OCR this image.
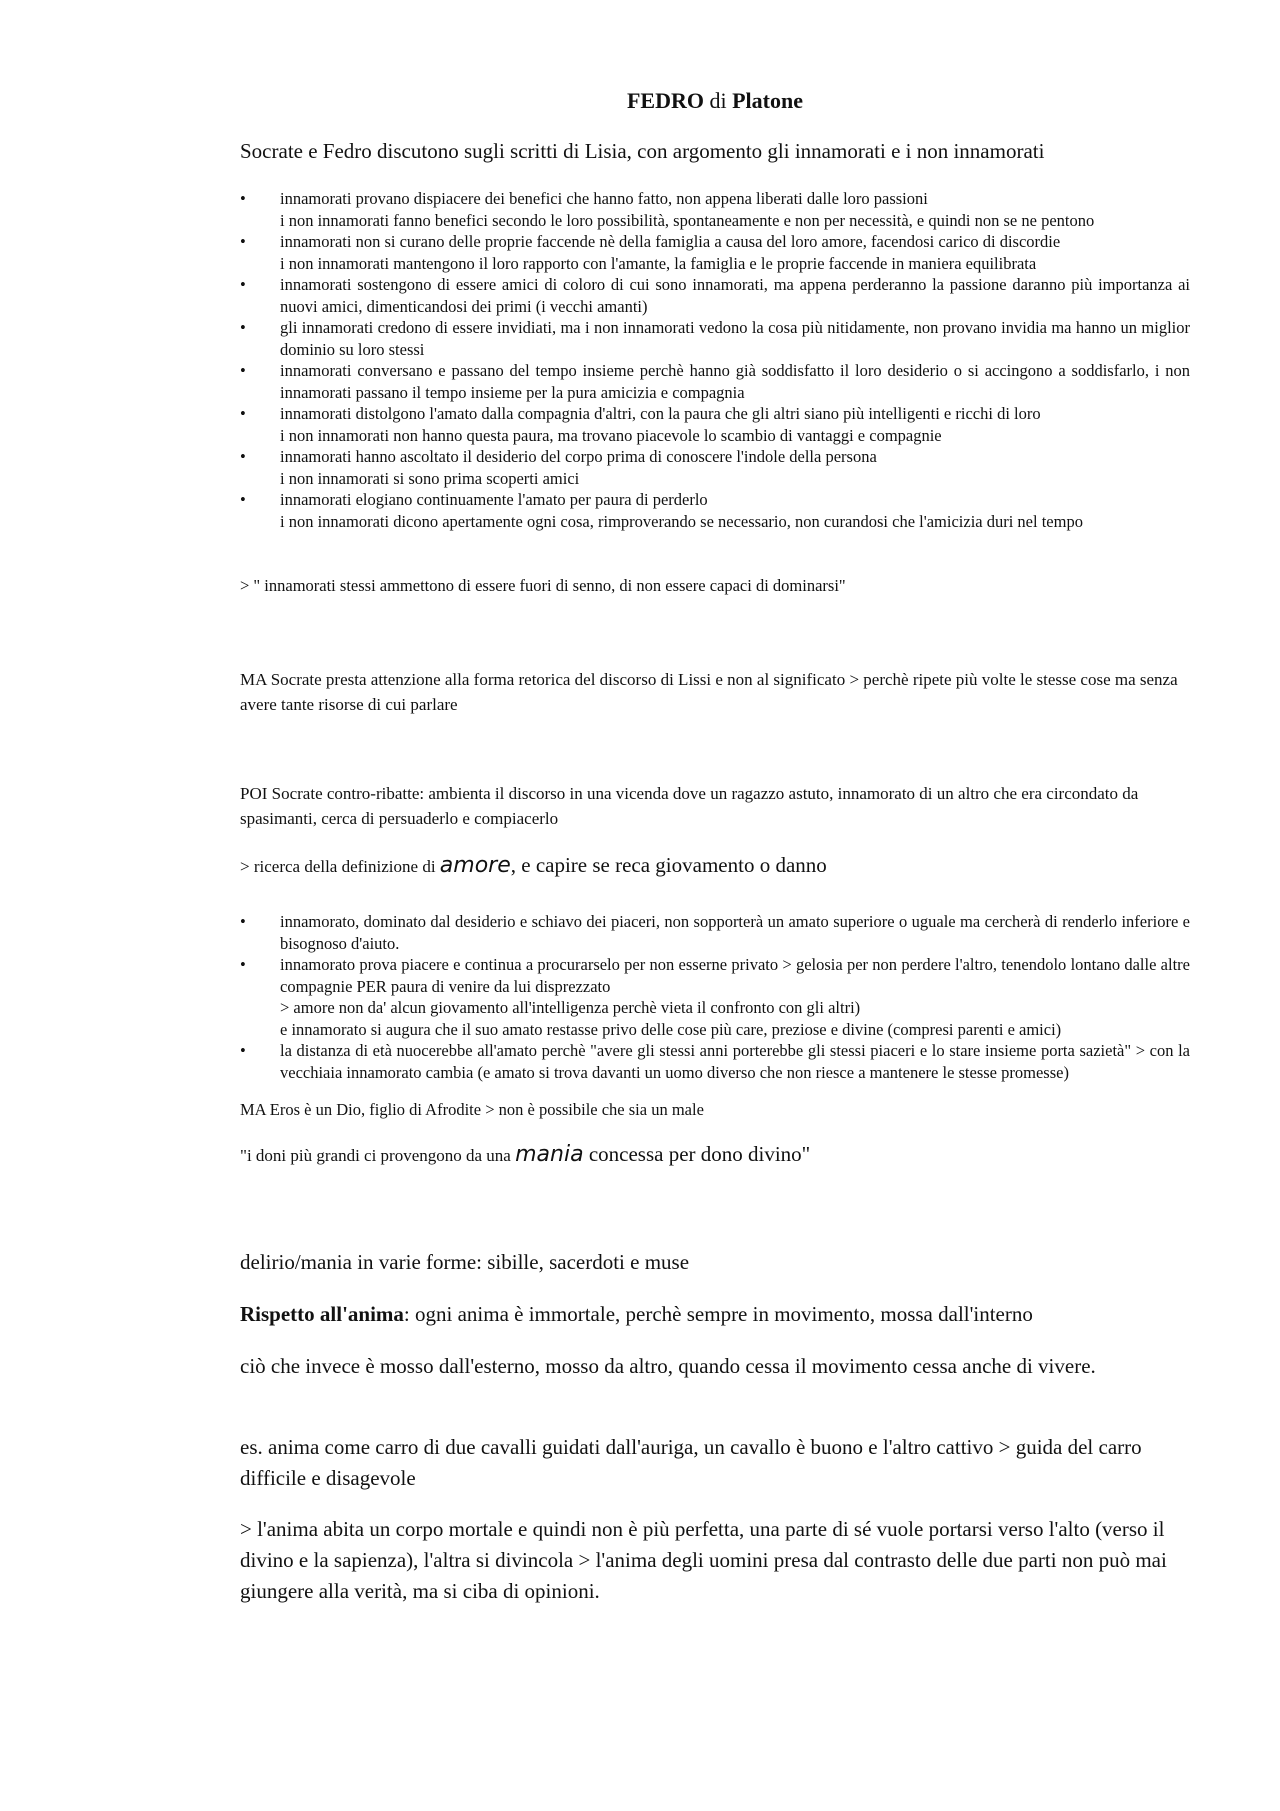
FEDRO di Platone
Socrate e Fedro discutono sugli scritti di Lisia, con argomento gli innamorati e i non innamorati
• innamorati provano dispiacere dei benefici che hanno fatto, non appena liberati dalle loro passioni
i non innamorati fanno benefici secondo le loro possibilità, spontaneamente e non per necessità, e quindi non se ne pentono
• innamorati non si curano delle proprie faccende nè della famiglia a causa del loro amore, facendosi carico di discordie
i non innamorati mantengono il loro rapporto con l'amante, la famiglia e le proprie faccende in maniera equilibrata
• innamorati sostengono di essere amici di coloro di cui sono innamorati, ma appena perderanno la passione daranno più importanza ai nuovi amici, dimenticandosi dei primi (i vecchi amanti)
• gli innamorati credono di essere invidiati, ma i non innamorati vedono la cosa più nitidamente, non provano invidia ma hanno un miglior dominio su loro stessi
• innamorati conversano e passano del tempo insieme perchè hanno già soddisfatto il loro desiderio o si accingono a soddisfarlo, i non innamorati passano il tempo insieme per la pura amicizia e compagnia
• innamorati distolgono l'amato dalla compagnia d'altri, con la paura che gli altri siano più intelligenti e ricchi di loro
i non innamorati non hanno questa paura, ma trovano piacevole lo scambio di vantaggi e compagnie
• innamorati hanno ascoltato il desiderio del corpo prima di conoscere l'indole della persona
i non innamorati si sono prima scoperti amici
• innamorati elogiano continuamente l'amato per paura di perderlo
i non innamorati dicono apertamente ogni cosa, rimproverando se necessario, non curandosi che l'amicizia duri nel tempo
> " innamorati stessi ammettono di essere fuori di senno, di non essere capaci di dominarsi"
MA Socrate presta attenzione alla forma retorica del discorso di Lissi e non al significato > perchè ripete più volte le stesse cose ma senza avere tante risorse di cui parlare
POI Socrate contro-ribatte: ambienta il discorso in una vicenda dove un ragazzo astuto, innamorato di un altro che era circondato da spasimanti, cerca di persuaderlo e compiacerlo
> ricerca della definizione di amore, e capire se reca giovamento o danno
• innamorato, dominato dal desiderio e schiavo dei piaceri, non sopporterà un amato superiore o uguale ma cercherà di renderlo inferiore e bisognoso d'aiuto.
• innamorato prova piacere e continua a procurarselo per non esserne privato > gelosia per non perdere l'altro, tenendolo lontano dalle altre compagnie PER paura di venire da lui disprezzato
> amore non da' alcun giovamento all'intelligenza perchè vieta il confronto con gli altri)
e innamorato si augura che il suo amato restasse privo delle cose più care, preziose e divine (compresi parenti e amici)
• la distanza di età nuocerebbe all'amato perchè "avere gli stessi anni porterebbe gli stessi piaceri e lo stare insieme porta sazietà" > con la vecchiaia innamorato cambia (e amato si trova davanti un uomo diverso che non riesce a mantenere le stesse promesse)
MA Eros è un Dio, figlio di Afrodite > non è possibile che sia un male
"i doni più grandi ci provengono da una mania concessa per dono divino"
delirio/mania in varie forme: sibille, sacerdoti e muse
Rispetto all'anima: ogni anima è immortale, perchè sempre in movimento, mossa dall'interno
ciò che invece è mosso dall'esterno, mosso da altro, quando cessa il movimento cessa anche di vivere.
es. anima come carro di due cavalli guidati dall'auriga, un cavallo è buono e l'altro cattivo > guida del carro difficile e disagevole
> l'anima abita un corpo mortale e quindi non è più perfetta, una parte di sé vuole portarsi verso l'alto (verso il divino e la sapienza), l'altra si divincola > l'anima degli uomini presa dal contrasto delle due parti non può mai giungere alla verità, ma si ciba di opinioni.
